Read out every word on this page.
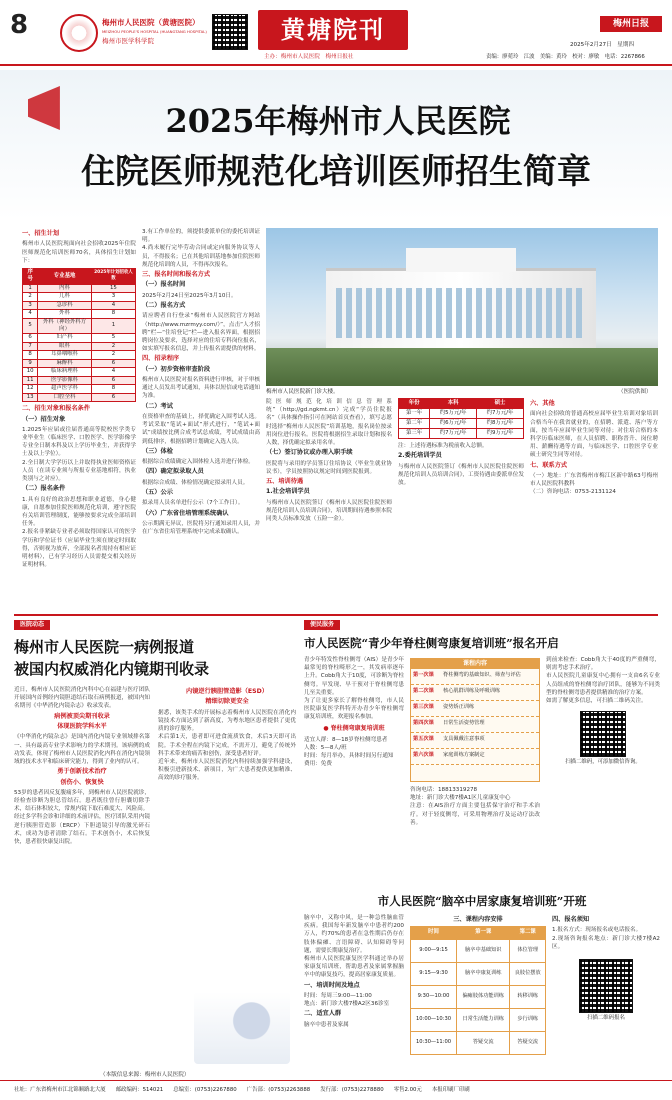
8	梅州市人民医院（黄塘医院）
MEIZHOU PEOPLE'S HOSPITAL (HUANGTANG HOSPITAL)
梅州市医学科学院	黄塘院刊
主办：梅州市人民医院　梅州日报社
梅州日报
2025年2月27日　星期四
责编：廖菀玲　江波　美编：黄玲　校对：廖敏　电话：2267866
2025年梅州市人民医院
住院医师规范化培训医师招生简章
一、招生计划
梅州市人民医院现面向社会招收2025年住院医师规范化培训医师70名，具体招生计划如下：
序号	专业基地	2025年计划招收人数
1	内科	15
2	儿科	3
3	急诊科	4
4	外科	8
5	外科（神经外科方向）	1
6	妇产科	5
7	眼科	2
8	耳鼻咽喉科	2
9	麻醉科	6
10	临床病理科	4
11	医学影像科	6
12	超声医学科	8
13	口腔全科	6
二、招生对象和报名条件
（一）招生对象
1.2025年应届或往届普通高等院校医学类专业毕业生（临床医学、口腔医学、医学影像学专业全日制本科及以上学历毕业生，并获得学士及以上学位）。
2.全日制大学学历以上并取得执业医师资格证人员（在读专业须与所报专业基地相符，执业类别与之对应）。
（二）报名条件
1.具有良好的政治思想和职业道德，身心健康，自愿参加住院医师规范化培训，遵守医院有关培训管理制度，能够按要求完成全部培训任务。
2.报名非紧缺专业者必须取得国家认可的医学学历和学位证书（应届毕业生须在规定时间取得，否则视为放弃，全部报名者需持有相应证明材料），已有学习经历人员需提交相关经历证明材料。
3.有工作单位的，须提供委派单位的委托培训证明。
4.尚未履行完毕劳动合同或定向服务协议等人员，不得报名；已在其他培训基地参加住院医师规范化培训的人员，不得再次报名。
三、报名时间和报名方式
（一）报名时间
2025年2月24日至2025年3月10日。
（二）报名方式
请应聘者自行登录“梅州市人民医院官方网站（http://www.mzrmyy.com/）”，点击“人才招聘”栏—“住培登记”栏—进入报名界面，根据招聘岗位及要求，选择对应的住培专科岗位报名，如实填写报名信息，并上传报名需提供的材料。
四、招录程序
（一）初步资格审查阶段
梅州市人民医院对报名资料进行审核，对于审核通过人员发出考试通知，具体以短信或电话通知为准。
（二）考试
在资格审查的基础上，择优确定入围考试人选。考试采取“笔试+面试”形式进行，“笔试+面试”成绩按比例合成考试总成绩，考试成绩由高到低排序，根据招聘计划确定入选人员。
（三）体检
根据综合成绩确定入围体检人选并进行体检。
（四）确定拟录取人员
根据综合成绩、体检情况确定拟录用人员。
（五）公示
拟录用人员名单进行公示（7个工作日）。
（六）广东省住培管理系统确认
公示期满无异议，医院将另行通知录用人员，并在广东省住培管理系统中完成录取确认。
梅州市人民医院新门诊大楼。	（医院供图）
院医师规范化培训信息管理系统”（http://gd.ngkmt.cn）完成“学员住院报名”（具体操作指引可在网站首页查看），填写志愿时选择“梅州市人民医院”培训基地，报名岗位按录用岗位进行报名。医院将根据招生录取计划和报名人数，择优确定拟录用名单。
（七）签订协议或办理入职手续
医院将与录用的学员签订住培协议（毕业生就业协议书），学员按照协议规定时间到医院报到。
五、培训待遇
1.社会培训学员
与梅州市人民医院签订《梅州市人民医院住院医师规范化培训人员培训合同》，培训期间待遇参照本院同类人员标准发放（五险一金）。
年份	本科	硕士
第一年	约5万元/年	约7万元/年
第二年	约6万元/年	约8万元/年
第三年	约7万元/年	约9万元/年
注：上述待遇标准为税前收入总额。
2.委托培训学员
与梅州市人民医院签订《梅州市人民医院住院医师规范化培训人员培训合同》，工资待遇由委派单位发放。
六、其他
面向社会招收的普通高校应届毕业生培训对象培训合格当年在我省就业的，在招聘、派遣、落户等方面，按当年应届毕业生同等对待；对住培合格的本科学历临床医师，在人员招聘、职称晋升、岗位聘用、薪酬待遇等方面，与临床医学、口腔医学专业硕士研究生同等对待。
七、联系方式
（一）地址：广东省梅州市梅江区新中路63号梅州市人民医院科教科
（二）咨询电话：0753-2131124
医院动态
梅州市人民医院一病例报道
被国内权威消化内镜期刊收录
近日，梅州市人民医院消化内科中心在福建与医疗团队开展国内首例经内镜胆道结石取石病例报道，被国内知名期刊《中华消化内镜杂志》收录发表。
病例被顶尖期刊收录
体现医院学科水平
《中华消化内镜杂志》是国内消化内镜专业领域排名第一、具有最高专业学术影响力的学术期刊。该病例的成功发表，体现了梅州市人民医院消化内科在消化内镜领域的技术水平和临床研究能力，得到了业内的认可。
勇于创新技术治疗
创伤小、恢复快
53岁的患者因反复腹痛多年，到梅州市人民医院就诊，经检查诊断为胆总管结石。患者既往曾行胆囊切除手术，结石体积较大，常规内镜下取石难度大、风险高。
经过多学科会诊和详细的术前评估，医疗团队采用内镜逆行胰胆管造影（ERCP）下胆道镜引导的激光碎石术，成功为患者清除了结石。手术创伤小，术后恢复快，患者很快康复出院。
内镜逆行胰胆管造影（ESD）
精细切除更安全
据悉，该类手术的开展标志着梅州市人民医院在消化内镜技术方面达到了新高度，为粤东地区患者提供了更优质的诊疗服务。
术后第1天，患者即可进食流质饮食，术后3天即可出院。手术全程在内镜下完成，不需开刀，避免了传统外科手术带来的痛苦和创伤，深受患者好评。
近年来，梅州市人民医院消化内科持续加强学科建设，积极引进新技术、新项目，为广大患者提供更加精准、高效的诊疗服务。
（本版信息来源：梅州市人民医院）
便民服务
市人民医院“青少年脊柱侧弯康复培训班”报名开启
青少年特发性脊柱侧弯（AIS）是青少年最常见的脊柱畸形之一，其发病率逐年上升。Cobb角大于10度，可诊断为脊柱侧弯。早发现、早干预对于脊柱侧弯患儿至关重要。
为了让更多家长了解脊柱侧弯，市人民医院康复医学科特开办青少年脊柱侧弯康复培训班，欢迎报名参加。
● 脊柱侧弯康复培训班
适宜人群：8—18岁脊柱侧弯患者
人数：5—8人/班
时间：每月举办，具体时间另行通知
费用：免费
课程内容
第一次课	脊柱侧弯的基础知识、筛查与评估
第二次课	核心肌群训练及呼吸训练
第三次课	姿势矫正训练
第四次课	日常生活姿势管理
第五次课	支具佩戴注意事项
第六次课	家庭训练方案制定
咨询电话：18813319278
地址：新门诊大楼7楼A1区儿童康复中心
注意：在AIS治疗方面主要包括保守治疗和手术治疗。对于轻度侧弯，可采用物理治疗及运动疗法改善。
到前来检查：Cobb角大于40度的严重侧弯，则需考虑手术治疗。
市人民医院儿童康复中心拥有一支由6名专业人员组成的脊柱侧弯治疗团队，能够为不同类型的脊柱侧弯患者提供精准的治疗方案。
如需了解更多信息，可扫描二维码关注。
扫描二维码，可添加微信咨询。
市人民医院“脑卒中居家康复培训班”开班
脑卒中，又称中风，是一种急性脑血管疾病。我国每年新发脑卒中患者约200万人，约70%的患者在急性期后仍存在肢体偏瘫、言语障碍、认知障碍等问题，需要长期康复治疗。
梅州市人民医院康复医学科通过举办居家康复培训班，帮助患者及家属掌握脑卒中的康复技巧，提高居家康复质量。
一、培训时间及地点
时间：每周三9:00—11:00
地点：新门诊大楼7楼A2区36诊室
二、适宜人群
脑卒中患者及家属
三、课程内容安排
时间	第一课	第二课
9:00—9:15	脑卒中基础知识	体位管理
9:15—9:30	脑卒中康复训练	良肢位摆放
9:30—10:00	偏瘫肢体功能训练	转移训练
10:00—10:30	日常生活能力训练	步行训练
10:30—11:00	答疑交流	答疑交流
四、报名须知
1.报名方式：现场报名或电话报名。
2.现场咨询报名地点：新门诊大楼7楼A2区。
扫描二维码报名
社址：广东省梅州市江北锦顺路北大厦 邮政编码：514021 总编室：(0753)2267880 广告部：(0753)2263888 发行部：(0753)2278880 零售2.00元 本报印刷厂印刷
